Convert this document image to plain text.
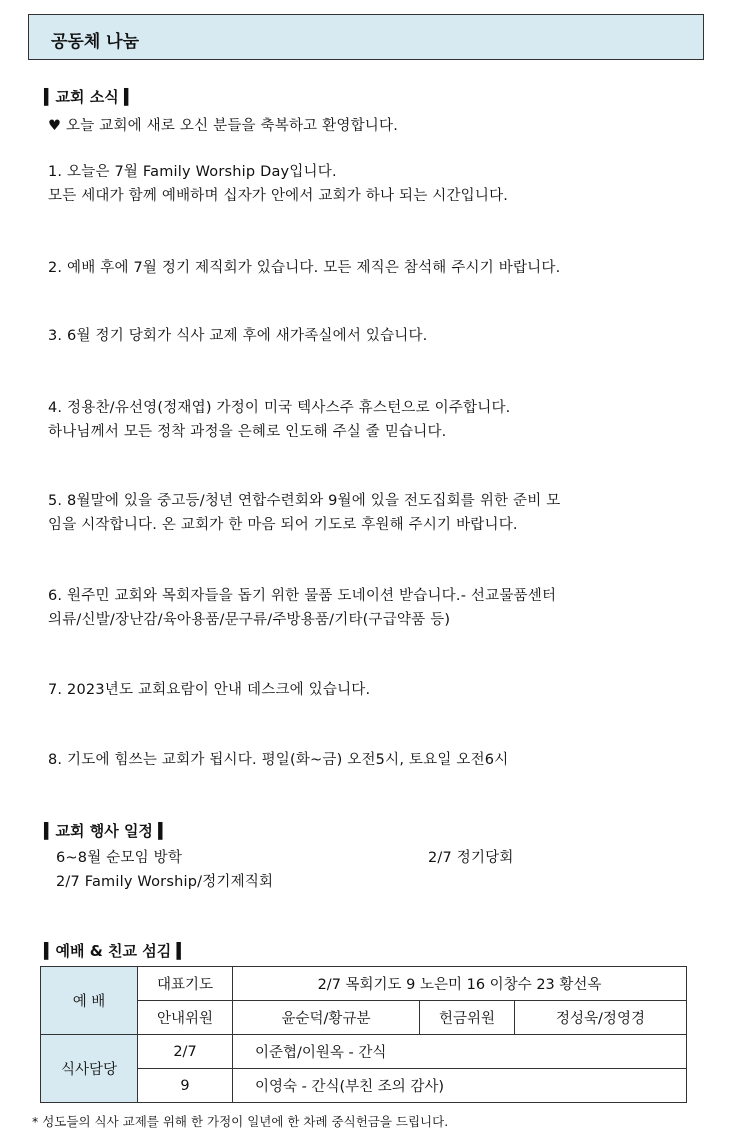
공동체 나눔
▍교회 소식 ▍
♥ 오늘 교회에 새로 오신 분들을 축복하고 환영합니다.
1. 오늘은 7월 Family Worship Day입니다.
모든 세대가 함께 예배하며 십자가 안에서 교회가 하나 되는 시간입니다.
2. 예배 후에 7월 정기 제직회가 있습니다. 모든 제직은 참석해 주시기 바랍니다.
3. 6월 정기 당회가 식사 교제 후에 새가족실에서 있습니다.
4. 정용찬/유선영(정재엽) 가정이 미국 텍사스주 휴스턴으로 이주합니다.
하나님께서 모든 정착 과정을 은혜로 인도해 주실 줄 믿습니다.
5. 8월말에 있을 중고등/청년 연합수련회와 9월에 있을 전도집회를 위한 준비 모
임을 시작합니다. 온 교회가 한 마음 되어 기도로 후원해 주시기 바랍니다.
6. 원주민 교회와 목회자들을 돕기 위한 물품 도네이션 받습니다.- 선교물품센터
의류/신발/장난감/육아용품/문구류/주방용품/기타(구급약품 등)
7. 2023년도 교회요람이 안내 데스크에 있습니다.
8. 기도에 힘쓰는 교회가 됩시다. 평일(화~금) 오전5시, 토요일 오전6시
▍교회 행사 일정 ▍
6~8월 순모임 방학	2/7 정기당회
2/7 Family Worship/정기제직회
▍예배 & 친교 섬김 ▍
예 배	대표기도	2/7 목회기도 9 노은미 16 이창수 23 황선옥		
	안내위원	윤순덕/황규분	헌금위원	정성욱/정영경
식사담당	2/7	이준협/이원옥 - 간식		
	9	이영숙 - 간식(부친 조의 감사)		
* 성도들의 식사 교제를 위해 한 가정이 일년에 한 차례 중식헌금을 드립니다.
